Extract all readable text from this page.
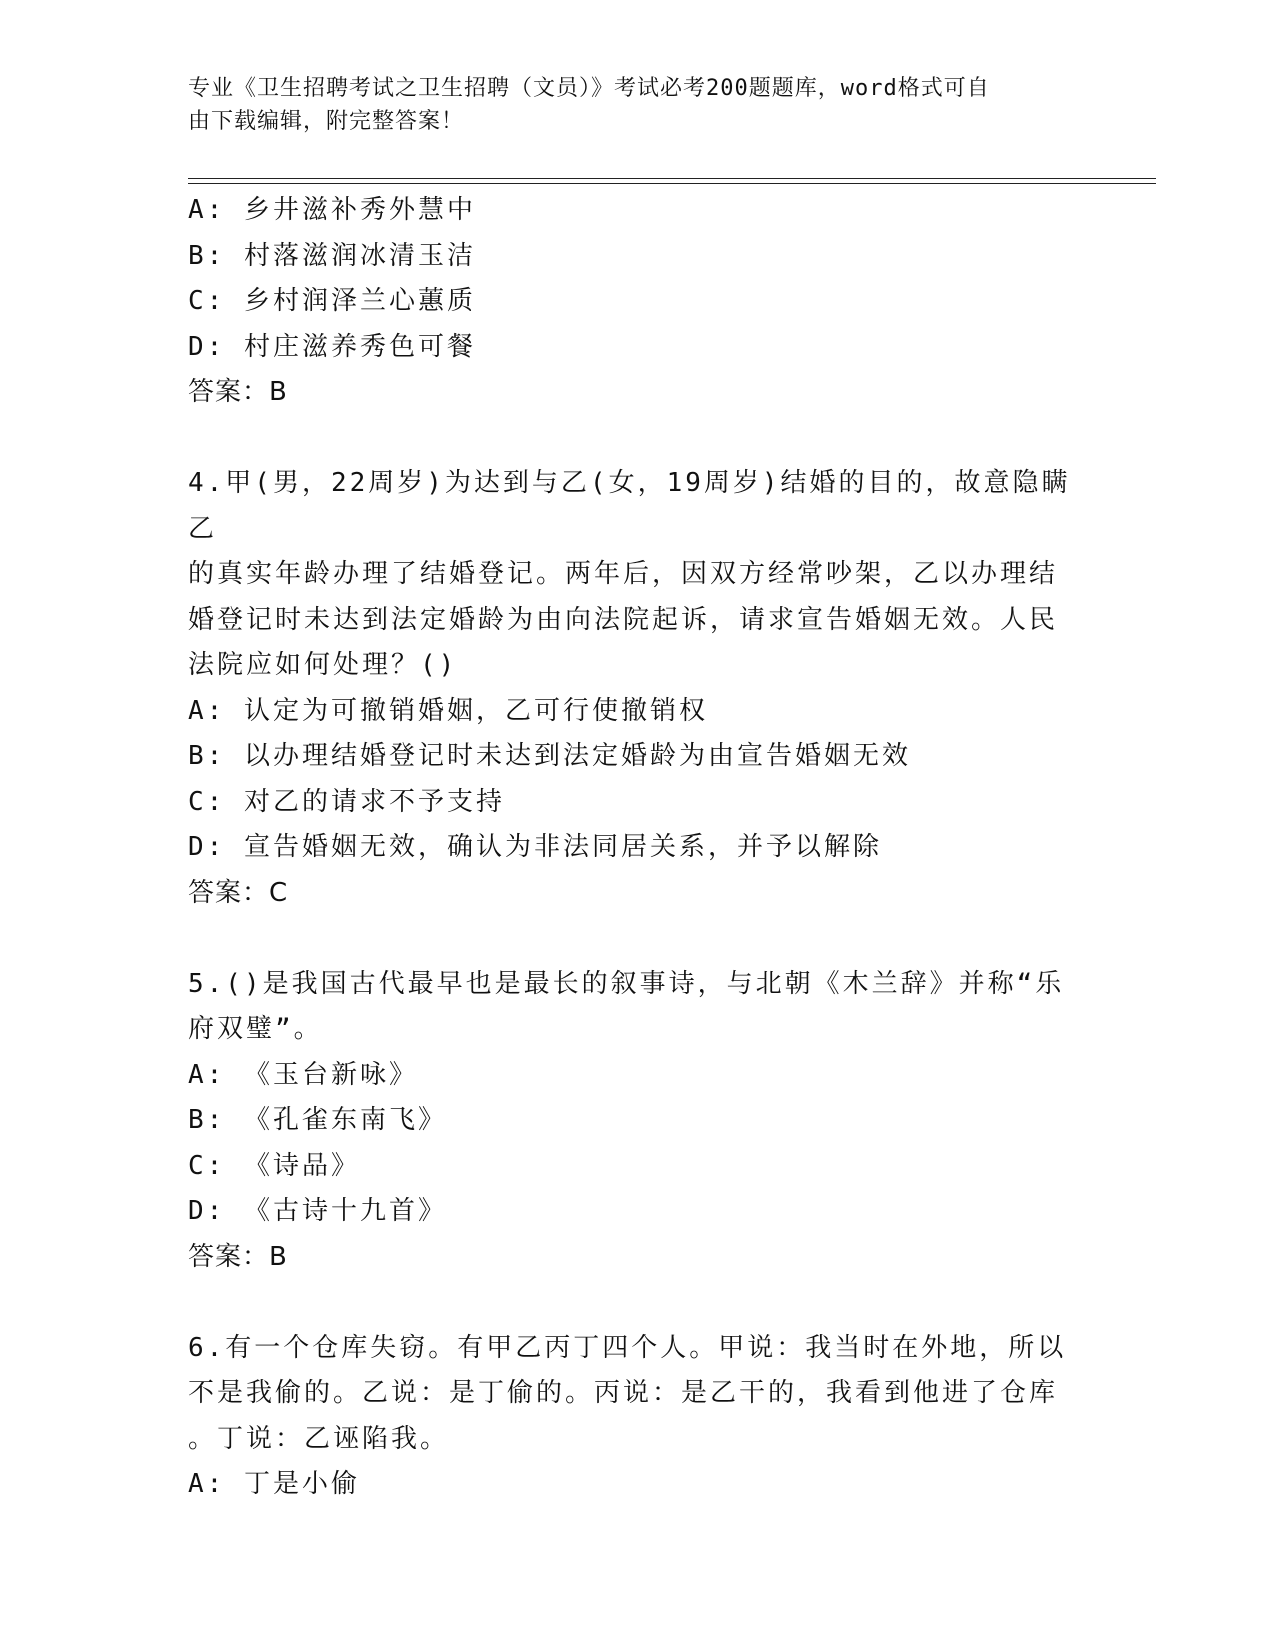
专业《卫生招聘考试之卫生招聘（文员）》考试必考200题题库，word格式可自
由下载编辑，附完整答案！
A: 乡井滋补秀外慧中
B: 村落滋润冰清玉洁
C: 乡村润泽兰心蕙质
D: 村庄滋养秀色可餐
答案：B
4.甲(男，22周岁)为达到与乙(女，19周岁)结婚的目的，故意隐瞒乙
的真实年龄办理了结婚登记。两年后，因双方经常吵架，乙以办理结
婚登记时未达到法定婚龄为由向法院起诉，请求宣告婚姻无效。人民
法院应如何处理？()
A: 认定为可撤销婚姻，乙可行使撤销权
B: 以办理结婚登记时未达到法定婚龄为由宣告婚姻无效
C: 对乙的请求不予支持
D: 宣告婚姻无效，确认为非法同居关系，并予以解除
答案：C
5.()是我国古代最早也是最长的叙事诗，与北朝《木兰辞》并称“乐
府双璧”。
A: 《玉台新咏》
B: 《孔雀东南飞》
C: 《诗品》
D: 《古诗十九首》
答案：B
6.有一个仓库失窃。有甲乙丙丁四个人。甲说：我当时在外地，所以
不是我偷的。乙说：是丁偷的。丙说：是乙干的，我看到他进了仓库
。丁说：乙诬陷我。
A: 丁是小偷
